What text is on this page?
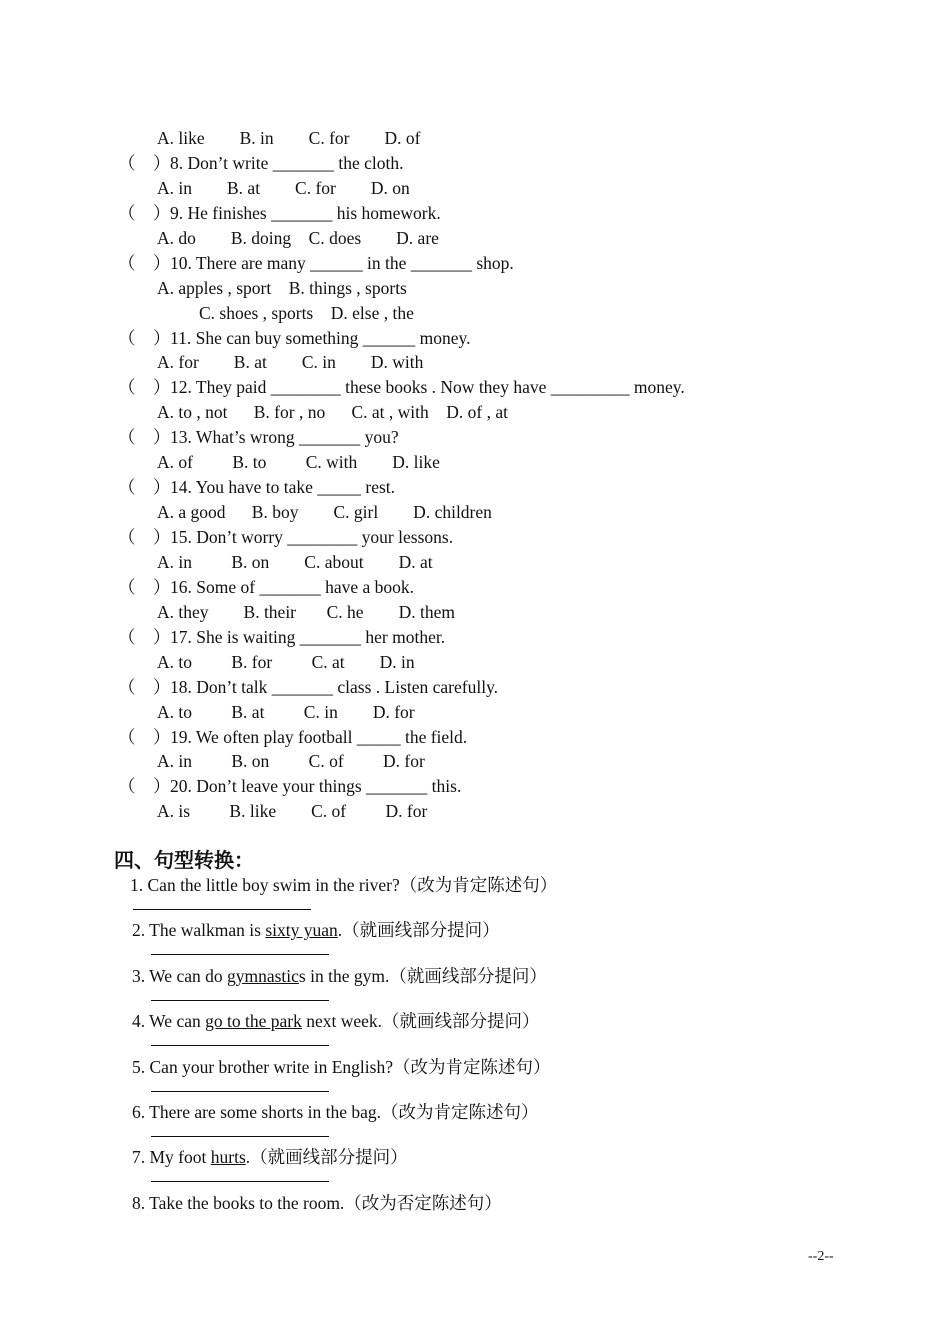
A. like        B. in        C. for        D. of
（    ） 8. Don’t write _______ the cloth.
A. in        B. at        C. for        D. on
（    ） 9. He finishes _______ his homework.
A. do        B. doing    C. does        D. are
（    ） 10. There are many ______ in the _______ shop.
A. apples , sport    B. things , sports
C. shoes , sports    D. else , the
（    ） 11. She can buy something ______ money.
A. for        B. at        C. in        D. with
（    ） 12. They paid ________ these books . Now they have _________ money.
A. to , not      B. for , no      C. at , with    D. of , at
（    ） 13. What’s wrong _______ you?
A. of         B. to         C. with        D. like
（    ） 14. You have to take _____ rest.
A. a good      B. boy        C. girl        D. children
（    ） 15. Don’t worry ________ your lessons.
A. in         B. on        C. about        D. at
（    ） 16. Some of _______ have a book.
A. they        B. their       C. he        D. them
（    ） 17. She is waiting _______ her mother.
A. to         B. for         C. at        D. in
（    ） 18. Don’t talk _______ class . Listen carefully.
A. to         B. at         C. in        D. for
（    ） 19. We often play football _____ the field.
A. in         B. on         C. of         D. for
（    ） 20. Don’t leave your things _______ this.
A. is         B. like        C. of         D. for
四、句型转换：
1. Can the little boy swim in the river?（改为肯定陈述句）
2. The walkman is sixty yuan.（就画线部分提问）
3. We can do gymnastics in the gym.（就画线部分提问）
4. We can go to the park next week.（就画线部分提问）
5. Can your brother write in English?（改为肯定陈述句）
6. There are some shorts in the bag.（改为肯定陈述句）
7. My foot hurts.（就画线部分提问）
8. Take the books to the room.（改为否定陈述句）
--2--
